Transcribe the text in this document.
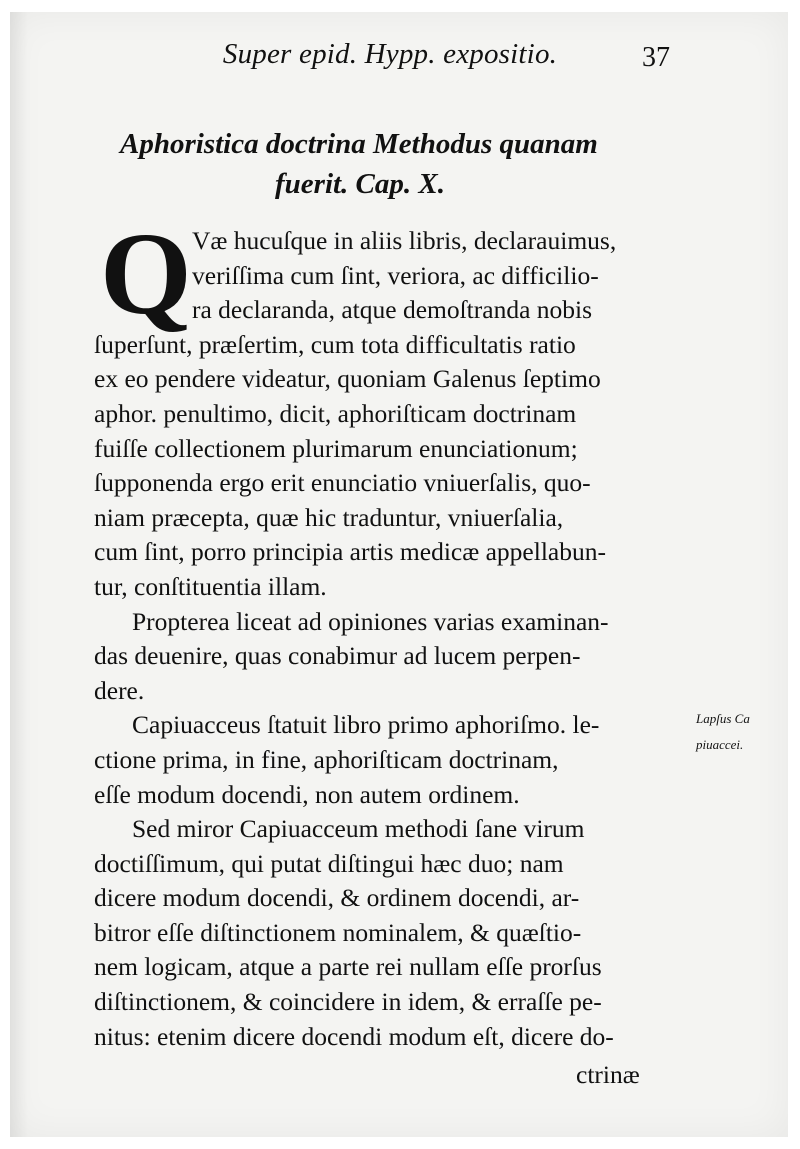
Super epid. Hypp. expositio.	37
Aphoristica doctrina Methodus quanam
fuerit. Cap. X.
Q Væ hucuſque in aliis libris, declarauimus,
veriſſima cum ſint, veriora, ac difficilio-
ra declaranda, atque demoſtranda nobis
ſuperſunt, præſertim, cum tota difficultatis ratio
ex eo pendere videatur, quoniam Galenus ſeptimo
aphor. penultimo, dicit, aphoriſticam doctrinam
fuiſſe collectionem plurimarum enunciationum;
ſupponenda ergo erit enunciatio vniuerſalis, quo-
niam præcepta, quæ hic traduntur, vniuerſalia,
cum ſint, porro principia artis medicæ appellabun-
tur, conſtituentia illam.
Propterea liceat ad opiniones varias examinan-
das deuenire, quas conabimur ad lucem perpen-
dere.
Capiuacceus ſtatuit libro primo aphoriſmo. le-
ctione prima, in fine, aphoriſticam doctrinam,
eſſe modum docendi, non autem ordinem.
Sed miror Capiuacceum methodi ſane virum
doctiſſimum, qui putat diſtingui hæc duo; nam
dicere modum docendi, & ordinem docendi, ar-
bitror eſſe diſtinctionem nominalem, & quæſtio-
nem logicam, atque a parte rei nullam eſſe prorſus
diſtinctionem, & coincidere in idem, & erraſſe pe-
nitus: etenim dicere docendi modum eſt, dicere do-
Lapſus Ca
piuaccei.
ctrinæ
